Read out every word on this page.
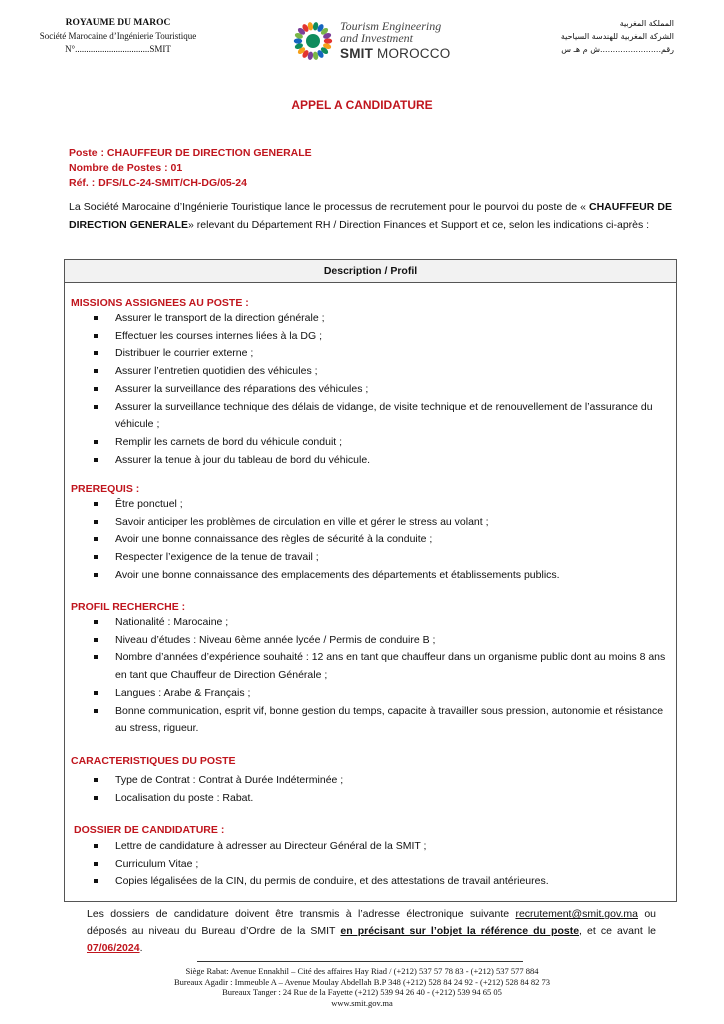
ROYAUME DU MAROC
Société Marocaine d’Ingénierie Touristique
N°.................................SMIT
Tourism Engineering
and Investment
SMIT MOROCCO
المملكة المغربية
الشركة المغربية للهندسة السياحية
رقم........................ش م هـ س
APPEL A CANDIDATURE
Poste : CHAUFFEUR DE DIRECTION GENERALE
Nombre de Postes : 01
Réf. : DFS/LC-24-SMIT/CH-DG/05-24
La Société Marocaine d’Ingénierie Touristique lance le processus de recrutement pour le pourvoi du poste de « CHAUFFEUR DE DIRECTION GENERALE» relevant du Département RH / Direction Finances et Support et ce, selon les indications ci-après :
Description / Profil
MISSIONS ASSIGNEES AU POSTE :
Assurer le transport de la direction générale ;
Effectuer les courses internes liées à la DG ;
Distribuer le courrier externe ;
Assurer l’entretien quotidien des véhicules ;
Assurer la surveillance des réparations des véhicules ;
Assurer la surveillance technique des délais de vidange, de visite technique et de renouvellement de l’assurance du véhicule ;
Remplir les carnets de bord du véhicule conduit ;
Assurer la tenue à jour du tableau de bord du véhicule.
PREREQUIS :
Être ponctuel ;
Savoir anticiper les problèmes de circulation en ville et gérer le stress au volant ;
Avoir une bonne connaissance des règles de sécurité à la conduite ;
Respecter l’exigence de la tenue de travail ;
Avoir une bonne connaissance des emplacements des départements et établissements publics.
PROFIL RECHERCHE :
Nationalité : Marocaine ;
Niveau d’études : Niveau 6ème année lycée / Permis de conduire B ;
Nombre d’années d’expérience souhaité : 12 ans en tant que chauffeur dans un organisme public dont au moins 8 ans en tant que Chauffeur de Direction Générale ;
Langues : Arabe & Français ;
Bonne communication, esprit vif, bonne gestion du temps, capacite à travailler sous pression, autonomie et résistance au stress, rigueur.
CARACTERISTIQUES DU POSTE
Type de Contrat : Contrat à Durée Indéterminée ;
Localisation du poste : Rabat.
DOSSIER DE CANDIDATURE :
Lettre de candidature à adresser au Directeur Général de la SMIT ;
Curriculum Vitae ;
Copies légalisées de la CIN, du permis de conduire, et des attestations de travail antérieures.
Les dossiers de candidature doivent être transmis à l’adresse électronique suivante recrutement@smit.gov.ma ou déposés au niveau du Bureau d’Ordre de la SMIT en précisant sur l’objet la référence du poste, et ce avant le 07/06/2024.
Siège Rabat: Avenue Ennakhil – Cité des affaires Hay Riad / (+212) 537 57 78 83 - (+212) 537 577 884
Bureaux Agadir : Immeuble A – Avenue Moulay Abdellah B.P 348 (+212) 528 84 24 92 - (+212) 528 84 82 73
Bureaux Tanger : 24 Rue de la Fayette (+212) 539 94 26 40 - (+212) 539 94 65 05
www.smit.gov.ma
